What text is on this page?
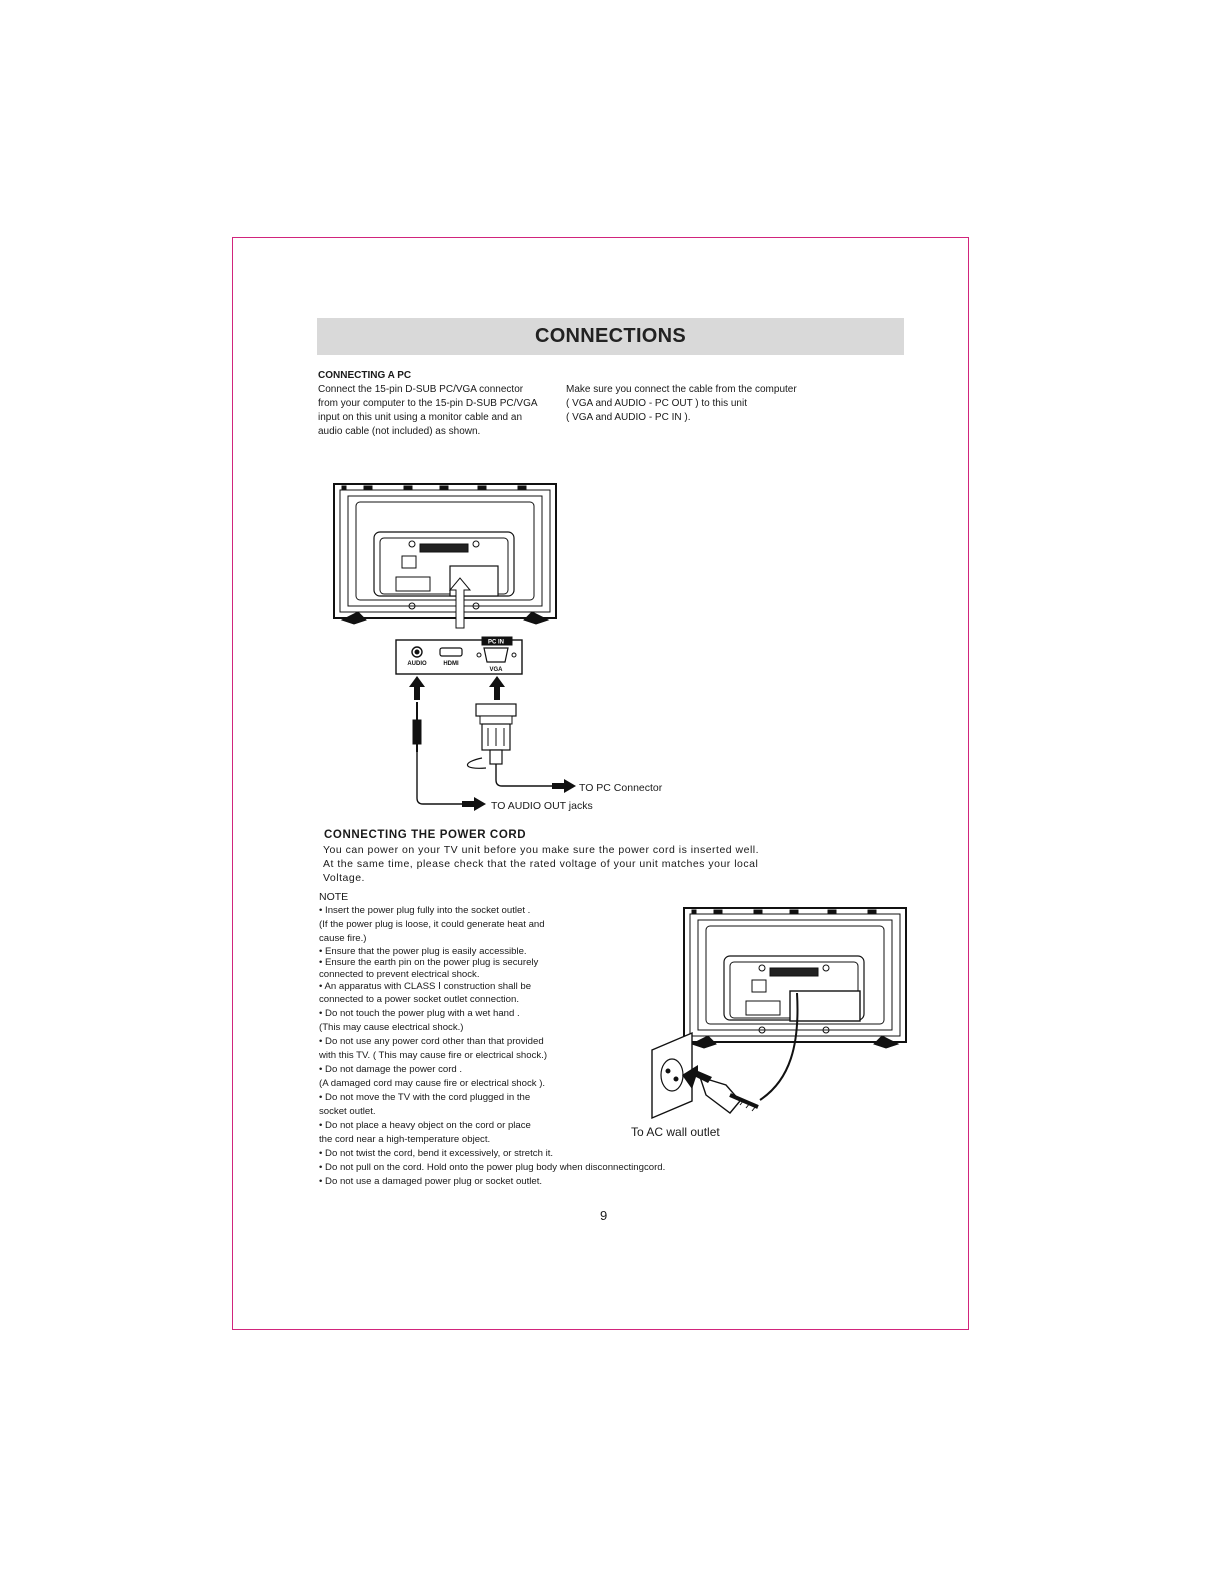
CONNECTIONS
CONNECTING A PC
Connect the 15-pin D-SUB PC/VGA connector
from your computer to the 15-pin D-SUB PC/VGA
input on this unit using a monitor cable and an
audio cable (not included) as shown.
Make sure you connect the cable from the computer
( VGA and AUDIO - PC OUT ) to this unit
( VGA and AUDIO - PC IN ).
PC IN
AUDIO	HDMI
VGA
TO PC Connector
TO AUDIO OUT jacks
CONNECTING THE POWER CORD
You can power on your TV unit before you make sure the power cord is inserted well.
At the same time, please check that the rated voltage of your unit matches your local
Voltage.
NOTE

• Insert the power plug fully into the socket outlet .

(If the power plug is loose, it could generate heat and

cause fire.)

• Ensure that the power plug is easily accessible.

• Ensure the earth pin on the power plug is securely

connected to prevent electrical shock.

• An apparatus with CLASS Ⅰ construction shall be

connected to a power socket outlet connection.

• Do not touch the power plug with a wet hand .

(This may cause electrical shock.)

• Do not use any power cord other than that provided

with this TV. ( This may cause fire or electrical shock.)

• Do not damage the power cord .

(A damaged cord may cause fire or electrical shock ).

• Do not move the TV with the cord plugged in the

socket outlet.

• Do not place a heavy object on the cord or place

the cord near a high-temperature object.

• Do not twist the cord, bend it excessively, or stretch it.

• Do not pull on the cord. Hold onto the power plug body when disconnectingcord.

• Do not use a damaged power plug or socket outlet.

To AC wall outlet
9
